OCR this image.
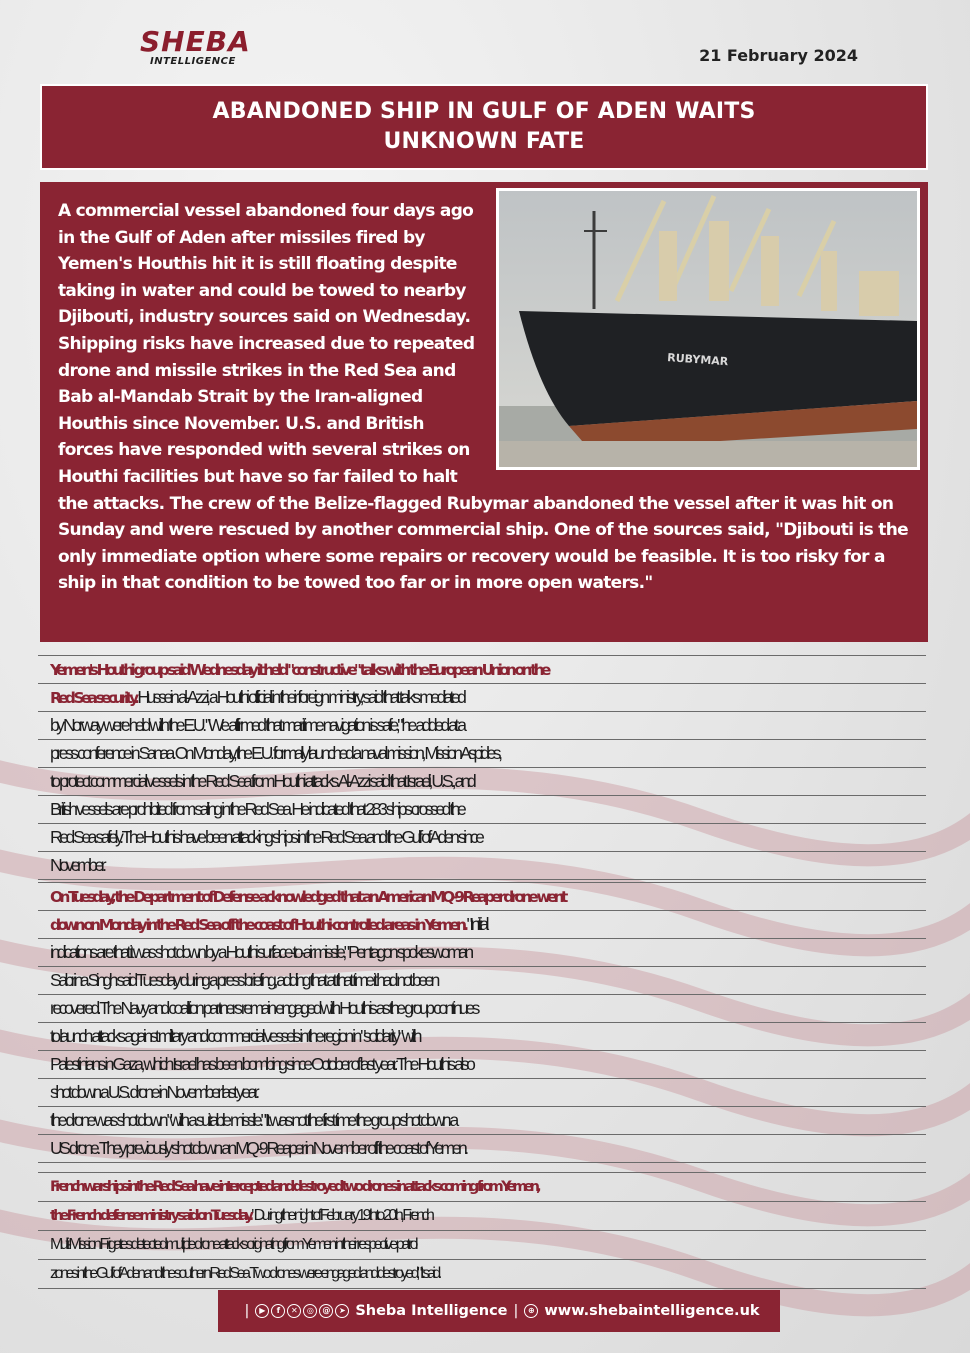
SHEBA
INTELLIGENCE	21 February 2024
ABANDONED SHIP IN GULF OF ADEN WAITS UNKNOWN FATE
RUBYMAR
A commercial vessel abandoned four days ago in the Gulf of Aden after missiles fired by Yemen's Houthis hit it is still floating despite taking in water and could be towed to nearby Djibouti, industry sources said on Wednesday. Shipping risks have increased due to repeated drone and missile strikes in the Red Sea and Bab al-Mandab Strait by the Iran-aligned Houthis since November. U.S. and British forces have responded with several strikes on Houthi facilities but have so far failed to halt the attacks. The crew of the Belize-flagged Rubymar abandoned the vessel after it was hit on Sunday and were rescued by another commercial ship. One of the sources said, "Djibouti is the only immediate option where some repairs or recovery would be feasible. It is too risky for a ship in that condition to be towed too far or in more open waters."
Yemen's Houthi group said Wednesday it held "constructive" talks with the European Union on the
Red Sea security. Hussein al-Azzi, a Houthi official in their foreign ministry, said that talks mediated
by Norway were held with the E.U. "We affirmed that maritime navigation is safe," he added at a
press conference in Sanaa. On Monday, the E.U. formally launched a naval mission, Mission Aspides,
to protect commercial vessels in the Red Sea from Houthi attacks. Al-Azzi said that Israeli, U.S., and
British vessels are prohibited from sailing in the Red Sea. He indicated that 283 ships crossed the
Red Sea safely. The Houthis have been attacking ships in the Red Sea and the Gulf of Aden since
November.
On Tuesday, the Department of Defense acknowledged that an American MQ-9 Reaper drone went
down on Monday in the Red Sea off the coast of Houthi-controlled areas in Yemen. "Initial
indications are that it was shot down by a Houthi surface-to-air missile," Pentagon spokeswoman
Sabrina Singh said Tuesday during a press briefing, adding that at that time it had not been
recovered. The Navy and coalition partners remain engaged with Houthis as the group continues
to launch attacks against military and commercial vessels in the region in "solidarity" with
Palestinians in Gaza, which Israel has been bombing since October of last year. The Houthis also
shot down a U.S. drone in November last year.
the drone was shot down "with a suitable missile." It was not the first time the group shot down a
US drone. They previously shot down an MQ-9 Reaper in November off the coast of Yemen.
French warships in the Red Sea have intercepted and destroyed two drones in attacks coming from Yemen,
the French defense ministry said on Tuesday. "During the night of February 19th to 20th, French
Multi-Mission Frigates detected multiple drone attacks originating from Yemen in their respective patrol
zones in the Gulf of Aden and the southern Red Sea. Two drones were engaged and destroyed," it said.
|	▶	f	✕	◎	@	➤ Sheba Intelligence |	⊕ www.shebaintelligence.uk
